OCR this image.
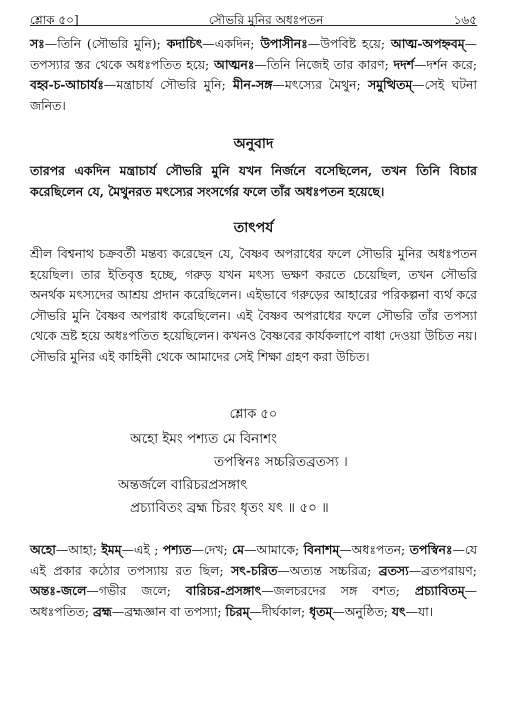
শ্লোক ৫০]	সৌভরি মুনির অধঃপতন	১৬৫

সঃ—তিনি (সৌভরি মুনি); কদাচিৎ—একদিন; উপাসীনঃ—উপবিষ্ট হয়ে; আত্ম-অপহ্নবম্—তপস্যার স্তর থেকে অধঃপতিত হয়ে; আত্মনঃ—তিনি নিজেই তার কারণ; দদর্শ—দর্শন করে; বহ্ব-চ-আচার্যঃ—মন্ত্রাচার্য সৌভরি মুনি; মীন-সঙ্গ—মৎস্যের মৈথুন; সমুত্থিতম্—সেই ঘটনা জনিত।

অনুবাদ

তারপর একদিন মন্ত্রাচার্য সৌভরি মুনি যখন নির্জনে বসেছিলেন, তখন তিনি বিচার করেছিলেন যে, মৈথুনরত মৎস্যের সংসর্গের ফলে তাঁর অধঃপতন হয়েছে।

তাৎপর্য

শ্রীল বিশ্বনাথ চক্রবর্তী মন্তব্য করেছেন যে, বৈষ্ণব অপরাধের ফলে সৌভরি মুনির অধঃপতন হয়েছিল। তার ইতিবৃত্ত হচ্ছে, গরুড় যখন মৎস্য ভক্ষণ করতে চেয়েছিল, তখন সৌভরি অনর্থক মৎস্যদের আশ্রয় প্রদান করেছিলেন। এইভাবে গরুড়ের আহারের পরিকল্পনা ব্যর্থ করে সৌভরি মুনি বৈষ্ণব অপরাধ করেছিলেন। এই বৈষ্ণব অপরাধের ফলে সৌভরি তাঁর তপস্যা থেকে ভ্রষ্ট হয়ে অধঃপতিত হয়েছিলেন। কখনও বৈষ্ণবের কার্যকলাপে বাধা দেওয়া উচিত নয়। সৌভরি মুনির এই কাহিনী থেকে আমাদের সেই শিক্ষা গ্রহণ করা উচিত।

শ্লোক ৫০

অহো ইমং পশ্যত মে বিনাশং

তপস্বিনঃ সচ্চরিতব্রতস্য ।

অন্তর্জলে বারিচরপ্রসঙ্গাৎ

প্রচ্যাবিতং ব্রহ্ম চিরং ধৃতং যৎ ॥ ৫০ ॥

অহো—আহা; ইমম্—এই ; পশ্যত—দেখ; মে—আমাকে; বিনাশম্—অধঃপতন; তপস্বিনঃ—যে এই প্রকার কঠোর তপস্যায় রত ছিল; সৎ-চরিত—অত্যন্ত সচ্চরিত্র; ব্রতস্য—ব্রতপরায়ণ; অন্তঃ-জলে—গভীর জলে; বারিচর-প্রসঙ্গাৎ—জলচরদের সঙ্গ বশত; প্রচ্যাবিতম্—অধঃপতিত; ব্রহ্ম—ব্রহ্মজ্ঞান বা তপস্যা; চিরম্—দীর্ঘকাল; ধৃতম্—অনুষ্ঠিত; যৎ—যা।
